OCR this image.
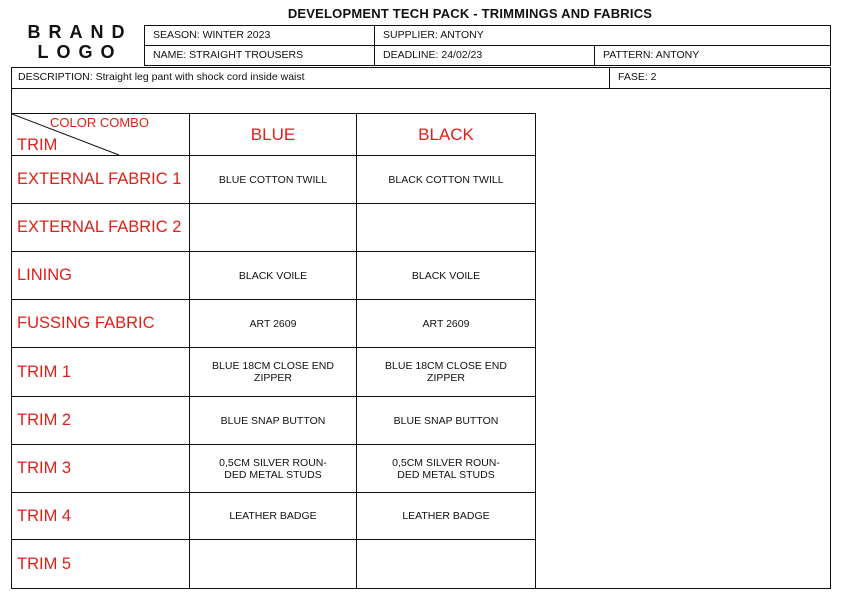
DEVELOPMENT TECH PACK - TRIMMINGS AND FABRICS
BRAND
LOGO
SEASON: WINTER 2023	SUPPLIER: ANTONY
NAME: STRAIGHT TROUSERS	DEADLINE: 24/02/23	PATTERN: ANTONY
DESCRIPTION: Straight leg pant with shock cord inside waist	FASE: 2
COLOR COMBO
TRIM	BLUE	BLACK
EXTERNAL FABRIC 1	BLUE COTTON TWILL	BLACK COTTON TWILL
EXTERNAL FABRIC 2		
LINING	BLACK VOILE	BLACK VOILE
FUSSING FABRIC	ART 2609	ART 2609
TRIM 1	BLUE 18CM CLOSE END ZIPPER	BLUE 18CM CLOSE END ZIPPER
TRIM 2	BLUE SNAP BUTTON	BLUE SNAP BUTTON
TRIM 3	0,5CM SILVER ROUN-DED METAL STUDS	0,5CM SILVER ROUN-DED METAL STUDS
TRIM 4	LEATHER BADGE	LEATHER BADGE
TRIM 5		
